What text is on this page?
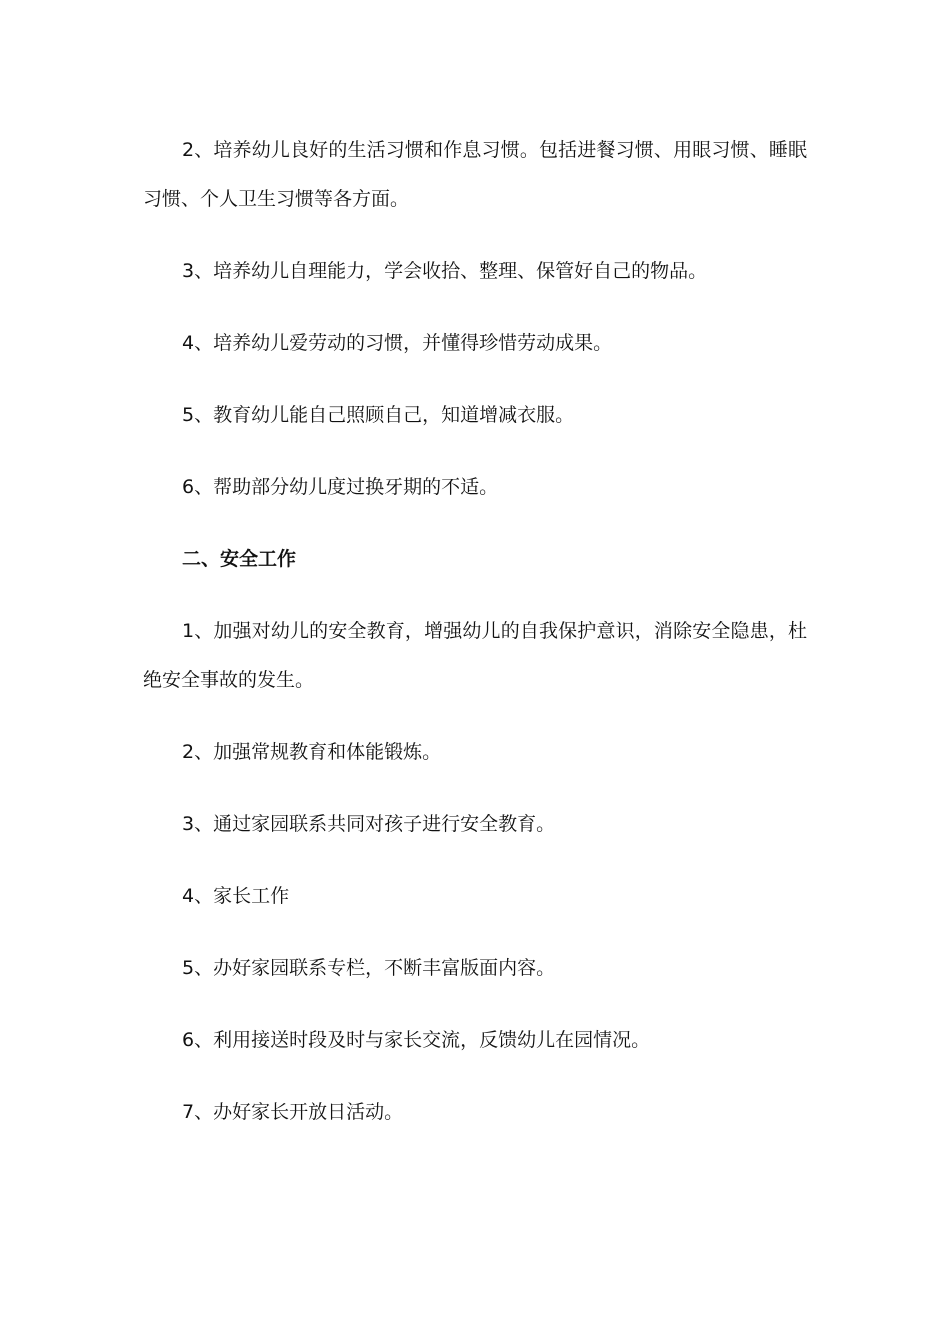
2、培养幼儿良好的生活习惯和作息习惯。包括进餐习惯、用眼习惯、睡眠习惯、个人卫生习惯等各方面。

3、培养幼儿自理能力，学会收拾、整理、保管好自己的物品。

4、培养幼儿爱劳动的习惯，并懂得珍惜劳动成果。

5、教育幼儿能自己照顾自己，知道增减衣服。

6、帮助部分幼儿度过换牙期的不适。

二、安全工作

1、加强对幼儿的安全教育，增强幼儿的自我保护意识，消除安全隐患，杜绝安全事故的发生。

2、加强常规教育和体能锻炼。

3、通过家园联系共同对孩子进行安全教育。

4、家长工作

5、办好家园联系专栏，不断丰富版面内容。

6、利用接送时段及时与家长交流，反馈幼儿在园情况。

7、办好家长开放日活动。
